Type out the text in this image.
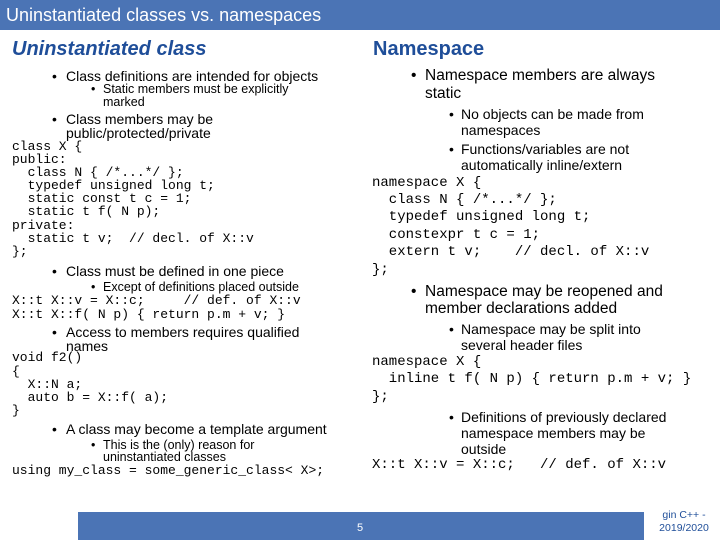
Uninstantiated classes vs. namespaces
Uninstantiated class	Namespace
• Class definitions are intended for objects
• Static members must be explicitly
marked
• Class members may be
public/protected/private
class X {
public:
class N { /*...*/ };
typedef unsigned long t;
static const t c = 1;
static t f( N p);
private:
static t v;  // decl. of X::v
};
• Class must be defined in one piece
• Except of definitions placed outside
X::t X::v = X::c;     // def. of X::v
X::t X::f( N p) { return p.m + v; }
• Access to members requires qualified
names
void f2()
{
X::N a;
auto b = X::f( a);
}
• A class may become a template argument
• This is the (only) reason for
uninstantiated classes
using my_class = some_generic_class< X>;
• Namespace members are always
static
• No objects can be made from
namespaces
• Functions/variables are not
automatically inline/extern
namespace X {
class N { /*...*/ };
typedef unsigned long t;
constexpr t c = 1;
extern t v;    // decl. of X::v
};
• Namespace may be reopened and
member declarations added
• Namespace may be split into
several header files
namespace X {
inline t f( N p) { return p.m + v; }
};
• Definitions of previously declared
namespace members may be
outside
X::t X::v = X::c;   // def. of X::v
5
gin C++ -
2019/2020
